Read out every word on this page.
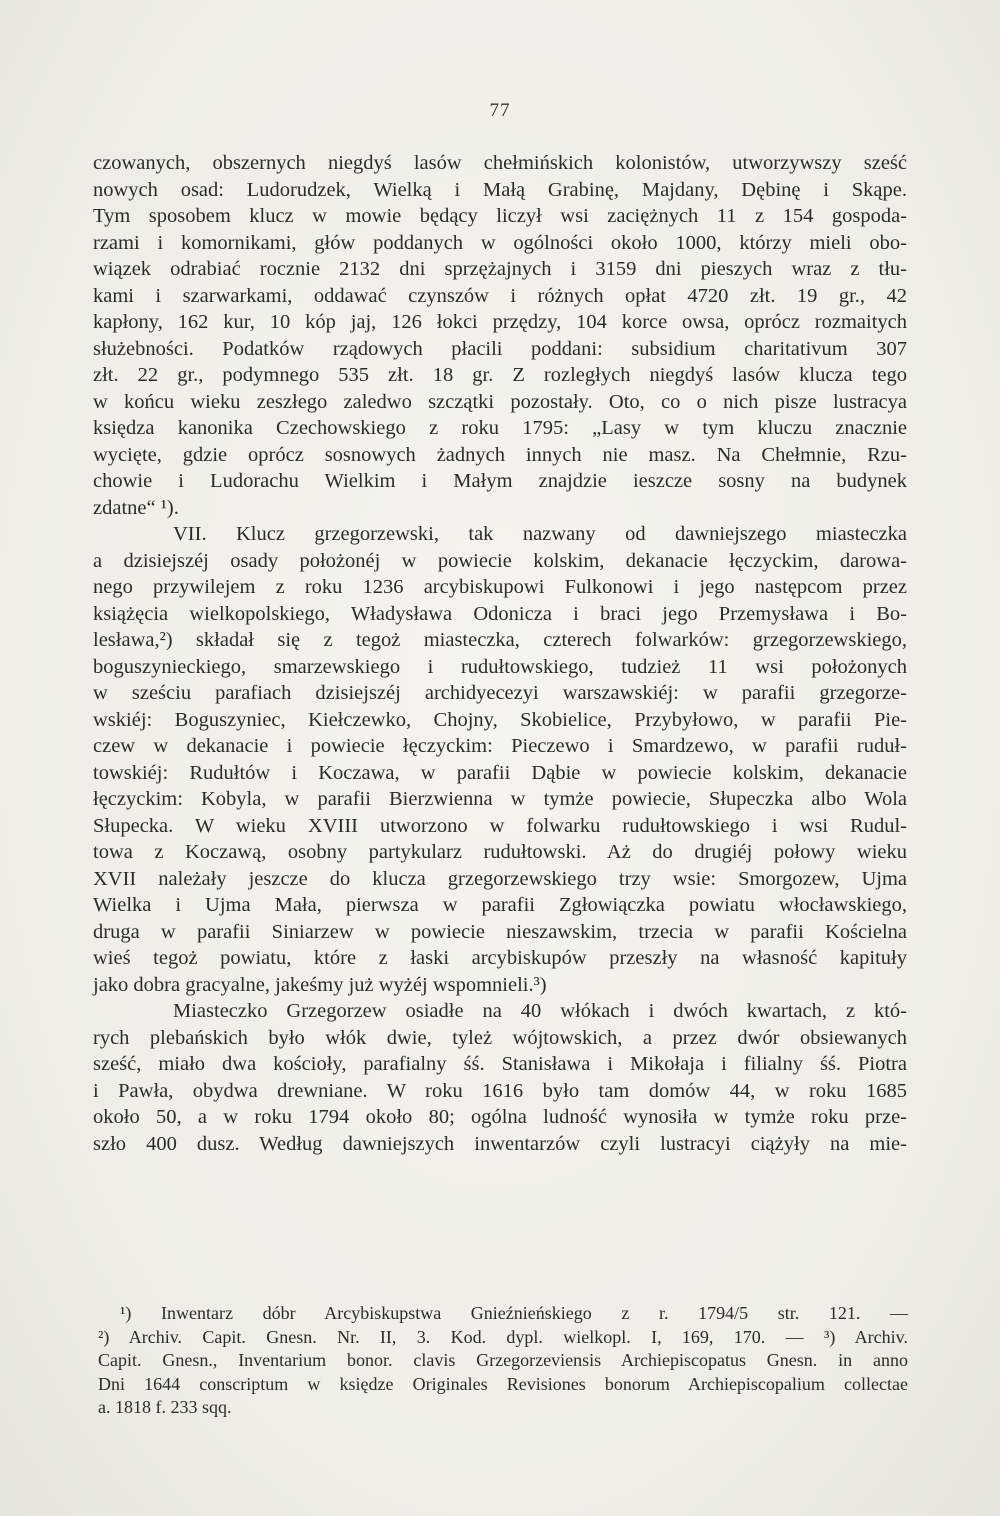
77
czowanych, obszernych niegdyś lasów chełmińskich kolonistów, utworzywszy sześć
nowych osad: Ludorudzek, Wielką i Małą Grabinę, Majdany, Dębinę i Skąpe.
Tym sposobem klucz w mowie będący liczył wsi zaciężnych 11 z 154 gospoda-
rzami i komornikami, głów poddanych w ogólności około 1000, którzy mieli obo-
wiązek odrabiać rocznie 2132 dni sprzężajnych i 3159 dni pieszych wraz z tłu-
kami i szarwarkami, oddawać czynszów i różnych opłat 4720 złt. 19 gr., 42
kapłony, 162 kur, 10 kóp jaj, 126 łokci przędzy, 104 korce owsa, oprócz rozmaitych
służebności. Podatków rządowych płacili poddani: subsidium charitativum 307
złt. 22 gr., podymnego 535 złt. 18 gr. Z rozległych niegdyś lasów klucza tego
w końcu wieku zeszłego zaledwo szczątki pozostały. Oto, co o nich pisze lustracya
księdza kanonika Czechowskiego z roku 1795: „Lasy w tym kluczu znacznie
wycięte, gdzie oprócz sosnowych żadnych innych nie masz. Na Chełmnie, Rzu-
chowie i Ludorachu Wielkim i Małym znajdzie ieszcze sosny na budynek
zdatne“ ¹).
VII. Klucz grzegorzewski, tak nazwany od dawniejszego miasteczka
a dzisiejszéj osady położonéj w powiecie kolskim, dekanacie łęczyckim, darowa-
nego przywilejem z roku 1236 arcybiskupowi Fulkonowi i jego następcom przez
książęcia wielkopolskiego, Władysława Odonicza i braci jego Przemysława i Bo-
lesława,²) składał się z tegoż miasteczka, czterech folwarków: grzegorzewskiego,
boguszynieckiego, smarzewskiego i rudułtowskiego, tudzież 11 wsi położonych
w sześciu parafiach dzisiejszéj archidyecezyi warszawskiéj: w parafii grzegorze-
wskiéj: Boguszyniec, Kiełczewko, Chojny, Skobielice, Przybyłowo, w parafii Pie-
czew w dekanacie i powiecie łęczyckim: Pieczewo i Smardzewo, w parafii ruduł-
towskiéj: Rudułtów i Koczawa, w parafii Dąbie w powiecie kolskim, dekanacie
łęczyckim: Kobyla, w parafii Bierzwienna w tymże powiecie, Słupeczka albo Wola
Słupecka. W wieku XVIII utworzono w folwarku rudułtowskiego i wsi Rudul-
towa z Koczawą, osobny partykularz rudułtowski. Aż do drugiéj połowy wieku
XVII należały jeszcze do klucza grzegorzewskiego trzy wsie: Smorgozew, Ujma
Wielka i Ujma Mała, pierwsza w parafii Zgłowiączka powiatu włocławskiego,
druga w parafii Siniarzew w powiecie nieszawskim, trzecia w parafii Kościelna
wieś tegoż powiatu, które z łaski arcybiskupów przeszły na własność kapituły
jako dobra gracyalne, jakeśmy już wyżéj wspomnieli.³)
Miasteczko Grzegorzew osiadłe na 40 włókach i dwóch kwartach, z któ-
rych plebańskich było włók dwie, tyleż wójtowskich, a przez dwór obsiewanych
sześć, miało dwa kościoły, parafialny śś. Stanisława i Mikołaja i filialny śś. Piotra
i Pawła, obydwa drewniane. W roku 1616 było tam domów 44, w roku 1685
około 50, a w roku 1794 około 80; ogólna ludność wynosiła w tymże roku prze-
szło 400 dusz. Według dawniejszych inwentarzów czyli lustracyi ciążyły na mie-
¹) Inwentarz dóbr Arcybiskupstwa Gnieźnieńskiego z r. 1794/5 str. 121. —
²) Archiv. Capit. Gnesn. Nr. II, 3. Kod. dypl. wielkopl. I, 169, 170. — ³) Archiv.
Capit. Gnesn., Inventarium bonor. clavis Grzegorzeviensis Archiepiscopatus Gnesn. in anno
Dni 1644 conscriptum w księdze Originales Revisiones bonorum Archiepiscopalium collectae
a. 1818 f. 233 sqq.
